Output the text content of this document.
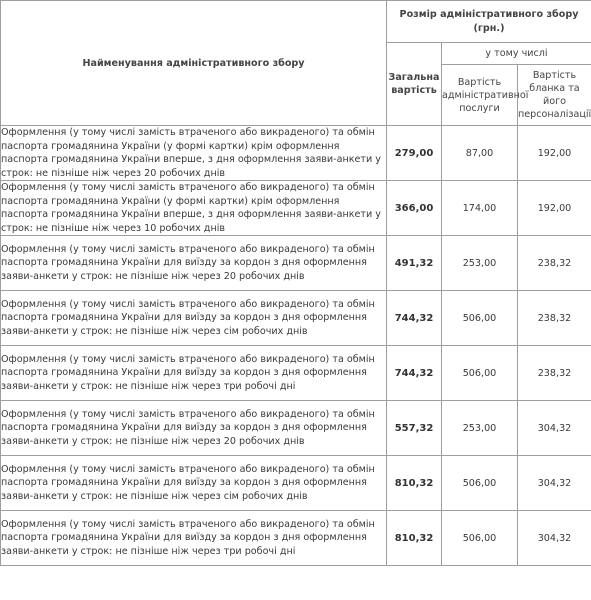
Найменування адміністративного збору	Розмір адміністративного збору (грн.)		
	Загальна вартість	у тому числі	
		Вартість адміністративної послуги	Вартість бланка та його персоналізації
Оформлення (у тому числі замість втраченого або викраденого) та обмін паспорта громадянина України (у формі картки) крім оформлення паспорта громадянина України вперше, з дня оформлення заяви-анкети у строк: не пізніше ніж через 20 робочих днів	279,00	87,00	192,00
Оформлення (у тому числі замість втраченого або викраденого) та обмін паспорта громадянина України (у формі картки) крім оформлення паспорта громадянина України вперше, з дня оформлення заяви-анкети у строк: не пізніше ніж через 10 робочих днів	366,00	174,00	192,00
Оформлення (у тому числі замість втраченого або викраденого) та обмін паспорта громадянина України для виїзду за кордон з дня оформлення заяви-анкети у строк: не пізніше ніж через 20 робочих днів	491,32	253,00	238,32
Оформлення (у тому числі замість втраченого або викраденого) та обмін паспорта громадянина України для виїзду за кордон з дня оформлення заяви-анкети у строк: не пізніше ніж через сім робочих днів	744,32	506,00	238,32
Оформлення (у тому числі замість втраченого або викраденого) та обмін паспорта громадянина України для виїзду за кордон з дня оформлення заяви-анкети у строк: не пізніше ніж через три робочі дні	744,32	506,00	238,32
Оформлення (у тому числі замість втраченого або викраденого) та обмін паспорта громадянина України для виїзду за кордон з дня оформлення заяви-анкети у строк: не пізніше ніж через 20 робочих днів	557,32	253,00	304,32
Оформлення (у тому числі замість втраченого або викраденого) та обмін паспорта громадянина України для виїзду за кордон з дня оформлення заяви-анкети у строк: не пізніше ніж через сім робочих днів	810,32	506,00	304,32
Оформлення (у тому числі замість втраченого або викраденого) та обмін паспорта громадянина України для виїзду за кордон з дня оформлення заяви-анкети у строк: не пізніше ніж через три робочі дні	810,32	506,00	304,32
